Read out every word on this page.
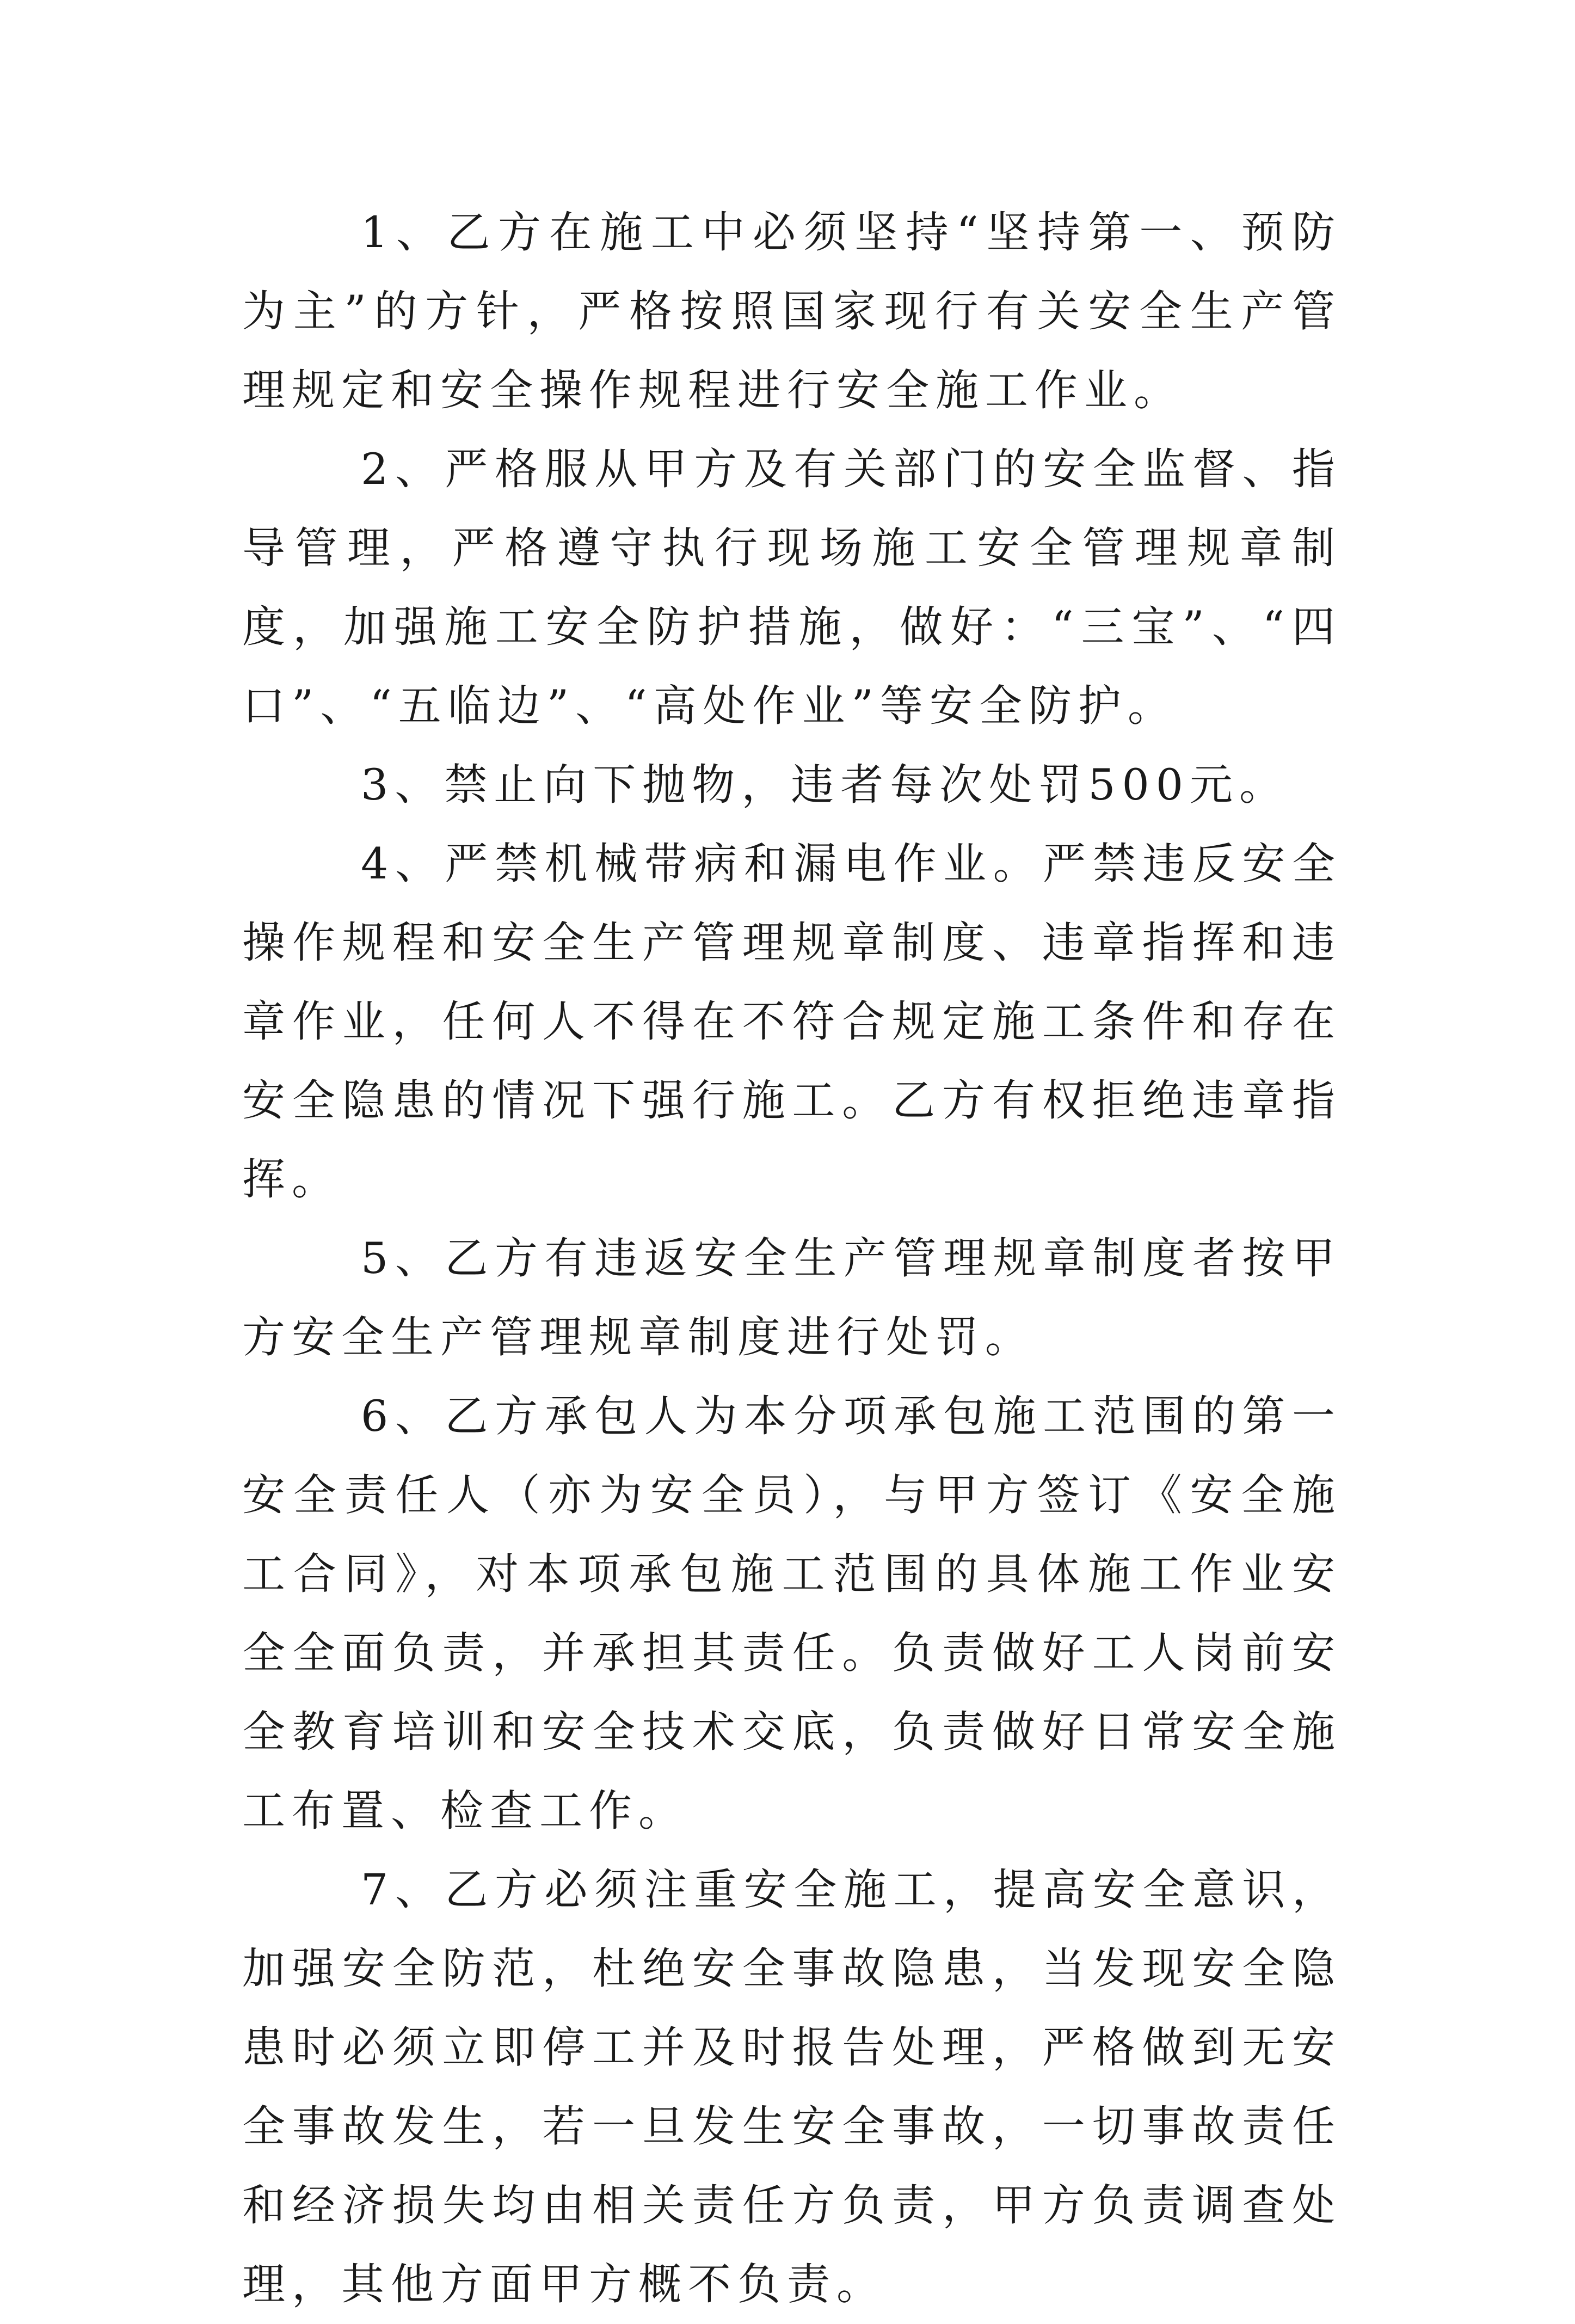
1、乙方在施工中必须坚持“坚持第一、预防为主”的方针，严格按照国家现行有关安全生产管理规定和安全操作规程进行安全施工作业。

2、严格服从甲方及有关部门的安全监督、指导管理，严格遵守执行现场施工安全管理规章制度，加强施工安全防护措施，做好：“三宝”、“四口”、“五临边”、“高处作业”等安全防护。

3、禁止向下抛物，违者每次处罚500元。

4、严禁机械带病和漏电作业。严禁违反安全操作规程和安全生产管理规章制度、违章指挥和违章作业，任何人不得在不符合规定施工条件和存在安全隐患的情况下强行施工。乙方有权拒绝违章指挥。

5、乙方有违返安全生产管理规章制度者按甲方安全生产管理规章制度进行处罚。

6、乙方承包人为本分项承包施工范围的第一安全责任人（亦为安全员），与甲方签订《安全施工合同》，对本项承包施工范围的具体施工作业安全全面负责，并承担其责任。负责做好工人岗前安全教育培训和安全技术交底，负责做好日常安全施工布置、检查工作。

7、乙方必须注重安全施工，提高安全意识，加强安全防范，杜绝安全事故隐患，当发现安全隐患时必须立即停工并及时报告处理，严格做到无安全事故发生，若一旦发生安全事故，一切事故责任和经济损失均由相关责任方负责，甲方负责调查处理，其他方面甲方概不负责。
